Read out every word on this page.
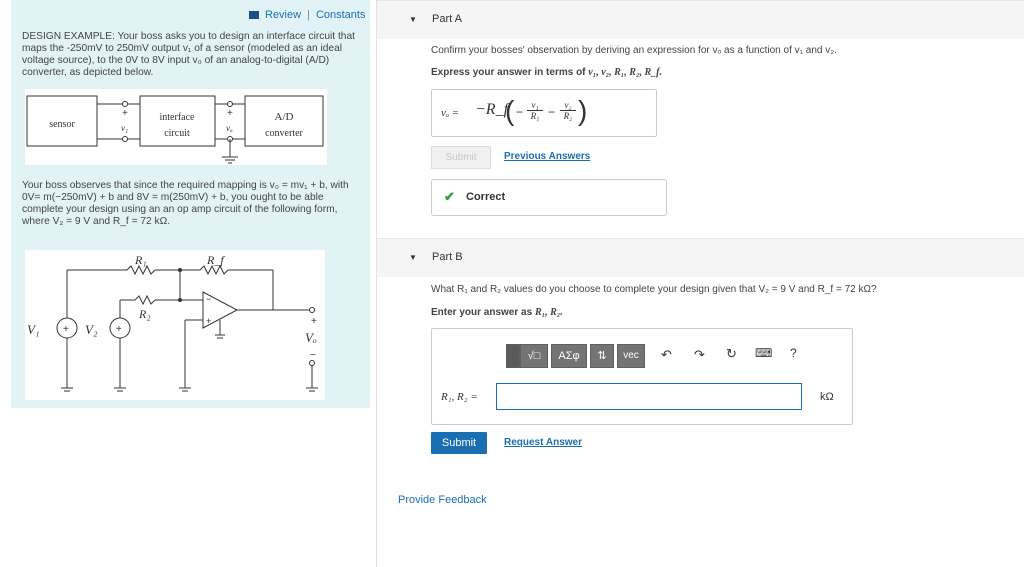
Review | Constants
DESIGN EXAMPLE: Your boss asks you to design an interface circuit that maps the -250mV to 250mV output v₁ of a sensor (modeled as an ideal voltage source), to the 0V to 8V input v₀ of an analog-to-digital (A/D) converter, as depicted below.
sensor
interface
circuit
A/D
converter
+
v₁
+
vₒ
Your boss observes that since the required mapping is v₀ = mv₁ + b, with 0V= m(−250mV) + b and 8V = m(250mV) + b, you ought to be able complete your design using an an op amp circuit of the following form, where V₂ = 9 V and R_f = 72 kΩ.
R₁	R_f
R₂
V₁	V₂
+	+
−
+	+
Vₒ
−
▼ Part A
Confirm your bosses' observation by deriving an expression for vₒ as a function of v₁ and v₂.
Express your answer in terms of v₁, v₂, R₁, R₂, R_f.
vₒ = −R_f
( − $\frac{\text{v₁}}{\text{R₁}} - \frac{\text{v₂}}{\text{R₂}}$ )
Submit	Previous Answers
✔ Correct
▼ Part B
What R₁ and R₂ values do you choose to complete your design given that V₂ = 9 V and R_f = 72 kΩ?
Enter your answer as R₁, R₂.
√□	ΑΣφ	⇅	vec	↶ ↷ ↻ ⌨ ?
R₁, R₂ =	kΩ
Submit	Request Answer
Provide Feedback
